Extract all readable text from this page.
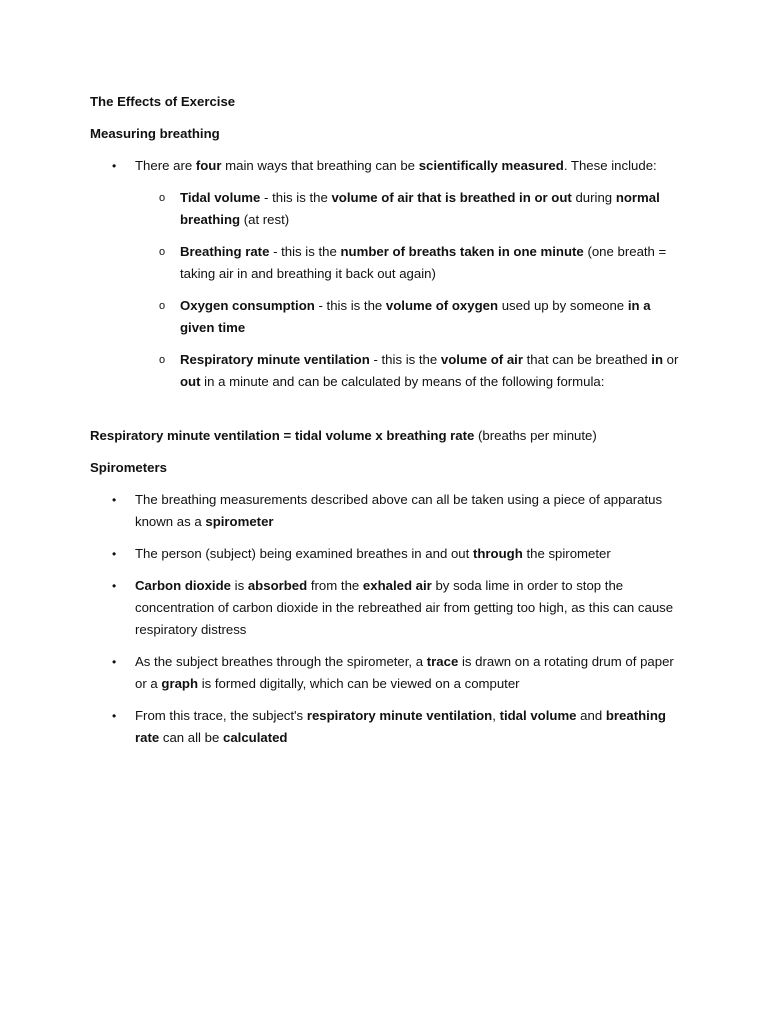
The Effects of Exercise

Measuring breathing

• There are four main ways that breathing can be scientifically measured. These include:
o Tidal volume - this is the volume of air that is breathed in or out during normal breathing (at rest)
o Breathing rate - this is the number of breaths taken in one minute (one breath = taking air in and breathing it back out again)
o Oxygen consumption - this is the volume of oxygen used up by someone in a given time
o Respiratory minute ventilation - this is the volume of air that can be breathed in or out in a minute and can be calculated by means of the following formula:

Respiratory minute ventilation = tidal volume x breathing rate (breaths per minute)

Spirometers

• The breathing measurements described above can all be taken using a piece of apparatus known as a spirometer
• The person (subject) being examined breathes in and out through the spirometer
• Carbon dioxide is absorbed from the exhaled air by soda lime in order to stop the concentration of carbon dioxide in the rebreathed air from getting too high, as this can cause respiratory distress
• As the subject breathes through the spirometer, a trace is drawn on a rotating drum of paper or a graph is formed digitally, which can be viewed on a computer
• From this trace, the subject's respiratory minute ventilation, tidal volume and breathing rate can all be calculated
